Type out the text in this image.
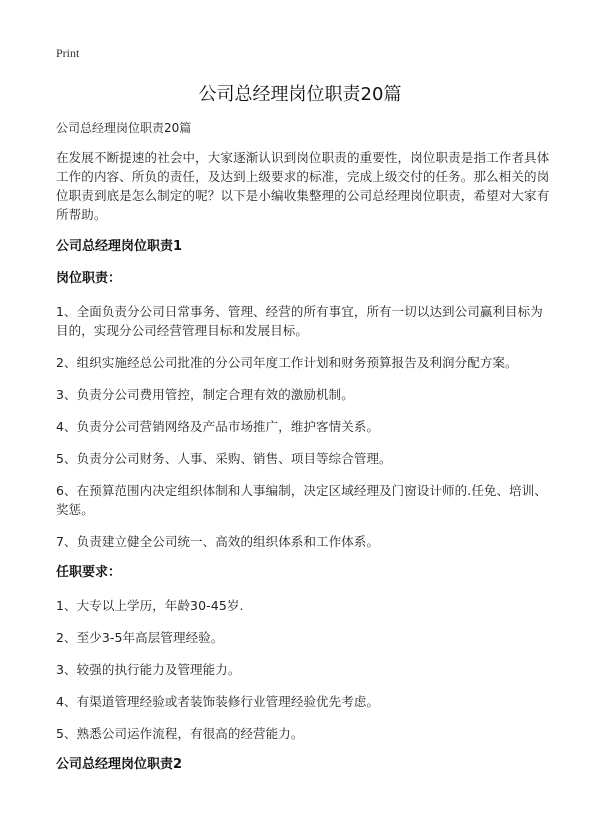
Print
公司总经理岗位职责20篇

公司总经理岗位职责20篇

在发展不断提速的社会中，大家逐渐认识到岗位职责的重要性，岗位职责是指工作者具体工作的内容、所负的责任，及达到上级要求的标准，完成上级交付的任务。那么相关的岗位职责到底是怎么制定的呢？以下是小编收集整理的公司总经理岗位职责，希望对大家有所帮助。

公司总经理岗位职责1

岗位职责：

1、全面负责分公司日常事务、管理、经营的所有事宜，所有一切以达到公司赢利目标为目的，实现分公司经营管理目标和发展目标。

2、组织实施经总公司批准的分公司年度工作计划和财务预算报告及利润分配方案。

3、负责分公司费用管控，制定合理有效的激励机制。

4、负责分公司营销网络及产品市场推广，维护客情关系。

5、负责分公司财务、人事、采购、销售、项目等综合管理。

6、在预算范围内决定组织体制和人事编制，决定区域经理及门窗设计师的.任免、培训、奖惩。

7、负责建立健全公司统一、高效的组织体系和工作体系。

任职要求：

1、大专以上学历，年龄30-45岁.

2、至少3-5年高层管理经验。

3、较强的执行能力及管理能力。

4、有渠道管理经验或者装饰装修行业管理经验优先考虑。

5、熟悉公司运作流程，有很高的经营能力。

公司总经理岗位职责2
